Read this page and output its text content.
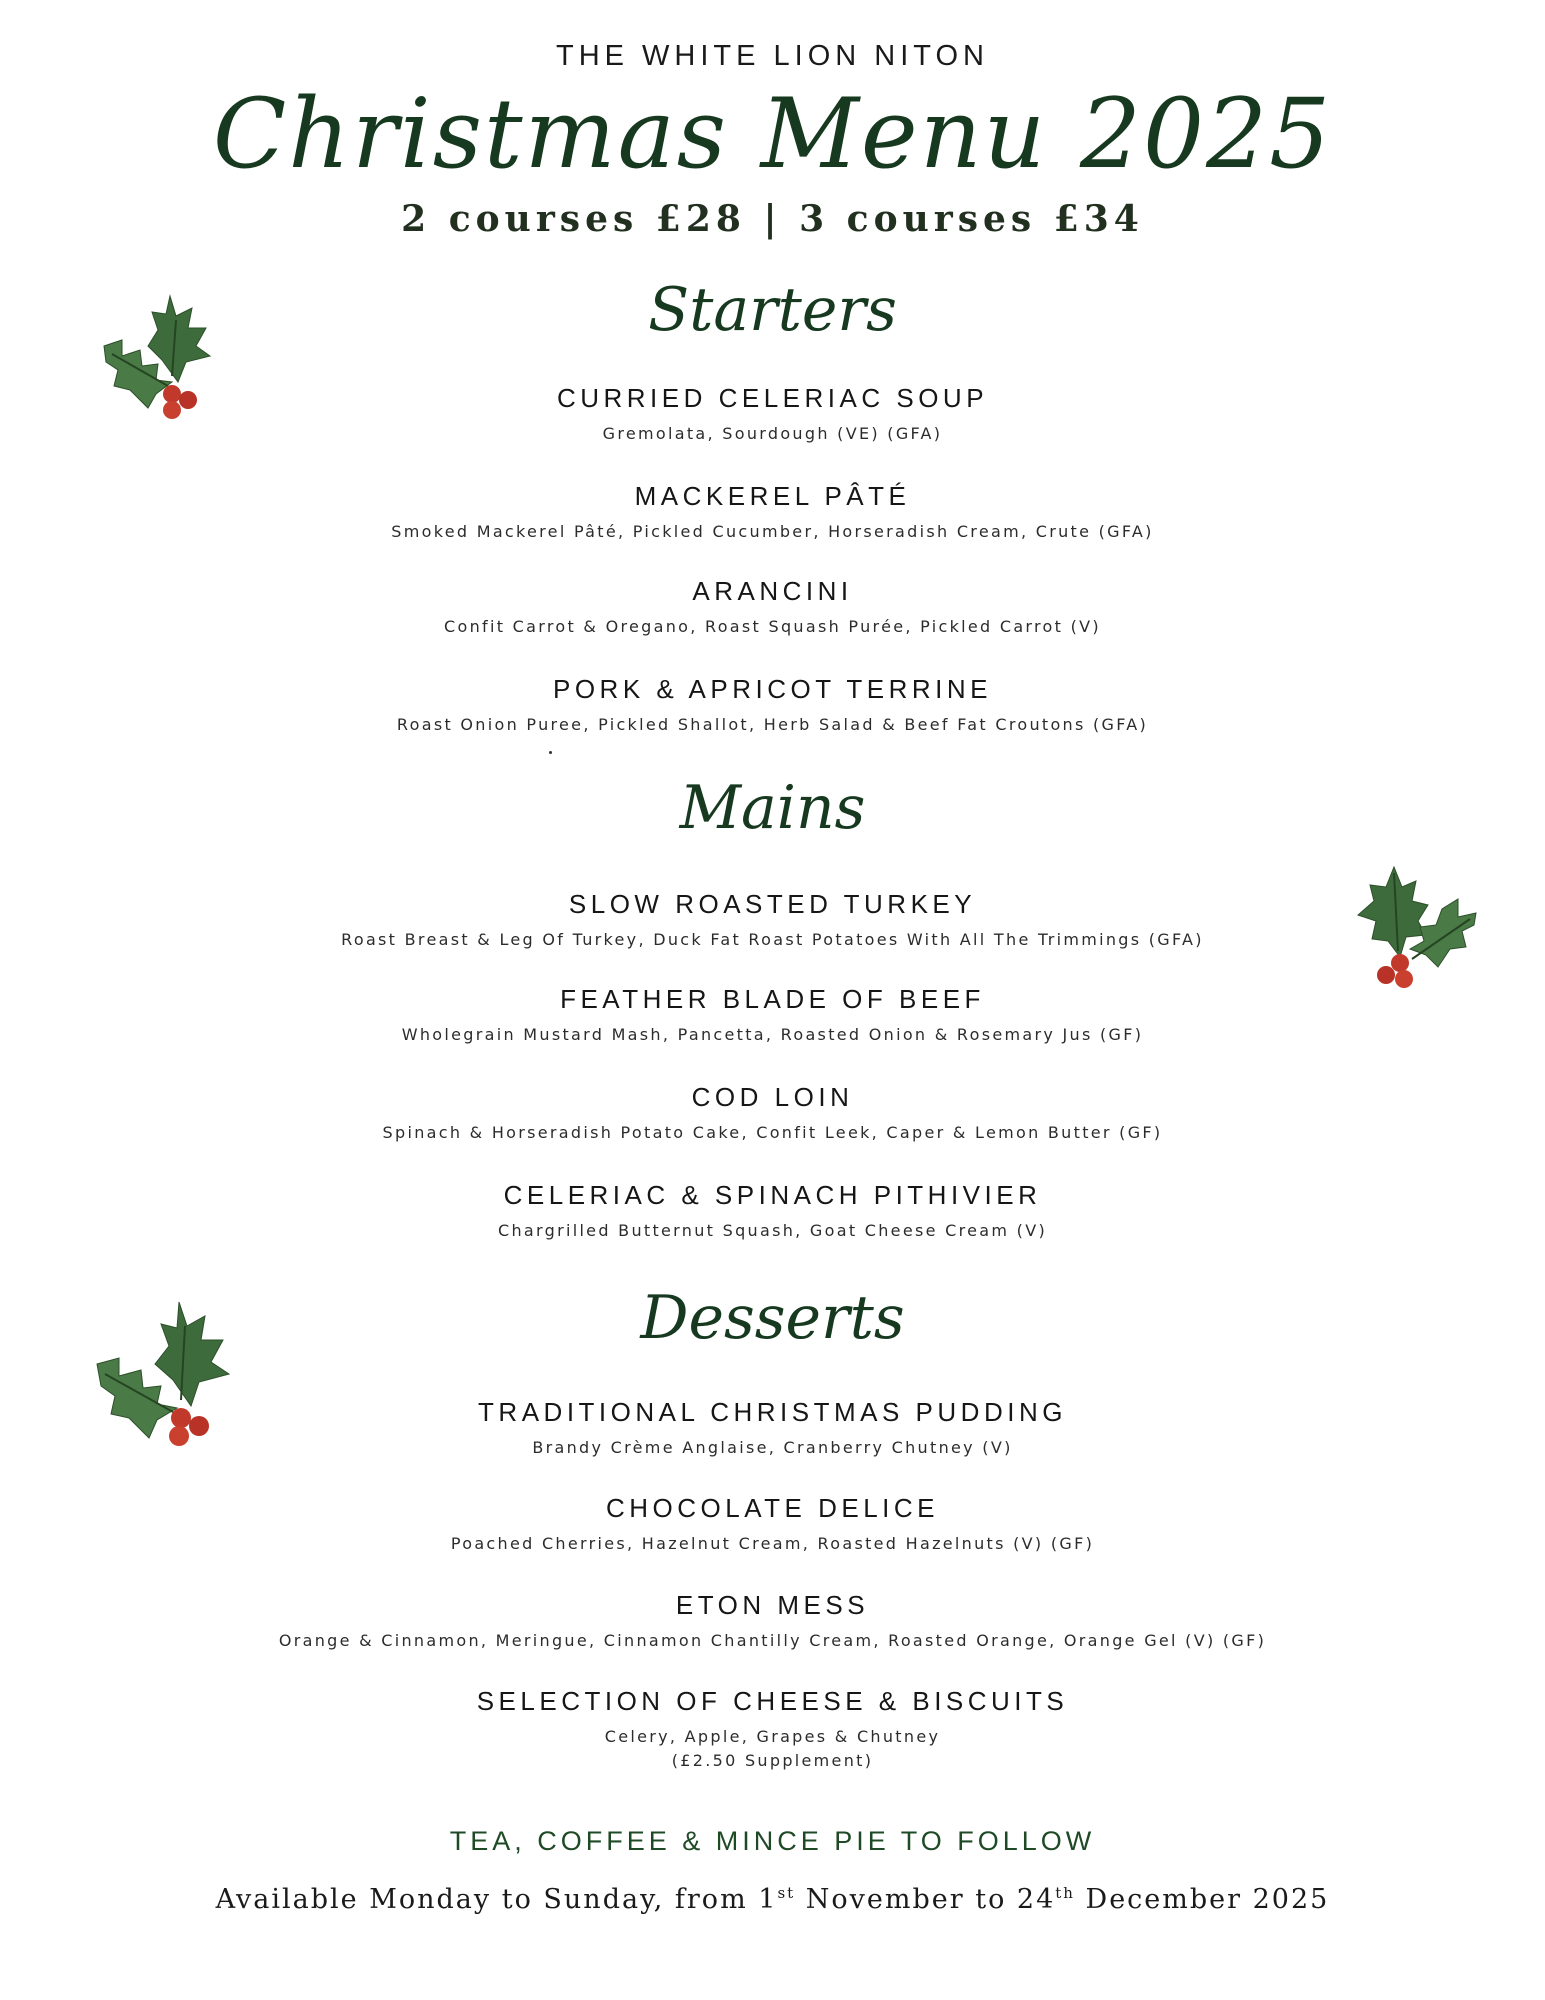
THE WHITE LION NITON
Christmas Menu 2025
2 courses £28 | 3 courses £34
Starters
CURRIED CELERIAC SOUP
Gremolata, Sourdough (VE) (GFA)
MACKEREL PÂTÉ
Smoked Mackerel Pâté, Pickled Cucumber, Horseradish Cream, Crute (GFA)
ARANCINI
Confit Carrot & Oregano, Roast Squash Purée, Pickled Carrot (V)
PORK & APRICOT TERRINE
Roast Onion Puree, Pickled Shallot, Herb Salad & Beef Fat Croutons (GFA)
Mains
SLOW ROASTED TURKEY
Roast Breast & Leg Of Turkey, Duck Fat Roast Potatoes With All The Trimmings (GFA)
FEATHER BLADE OF BEEF
Wholegrain Mustard Mash, Pancetta, Roasted Onion & Rosemary Jus (GF)
COD LOIN
Spinach & Horseradish Potato Cake, Confit Leek, Caper & Lemon Butter (GF)
CELERIAC & SPINACH PITHIVIER
Chargrilled Butternut Squash, Goat Cheese Cream (V)
Desserts
TRADITIONAL CHRISTMAS PUDDING
Brandy Crème Anglaise, Cranberry Chutney (V)
CHOCOLATE DELICE
Poached Cherries, Hazelnut Cream, Roasted Hazelnuts (V) (GF)
ETON MESS
Orange & Cinnamon, Meringue, Cinnamon Chantilly Cream, Roasted Orange, Orange Gel (V) (GF)
SELECTION OF CHEESE & BISCUITS
Celery, Apple, Grapes & Chutney
(£2.50 Supplement)
TEA, COFFEE & MINCE PIE TO FOLLOW
Available Monday to Sunday, from 1st November to 24th December 2025
